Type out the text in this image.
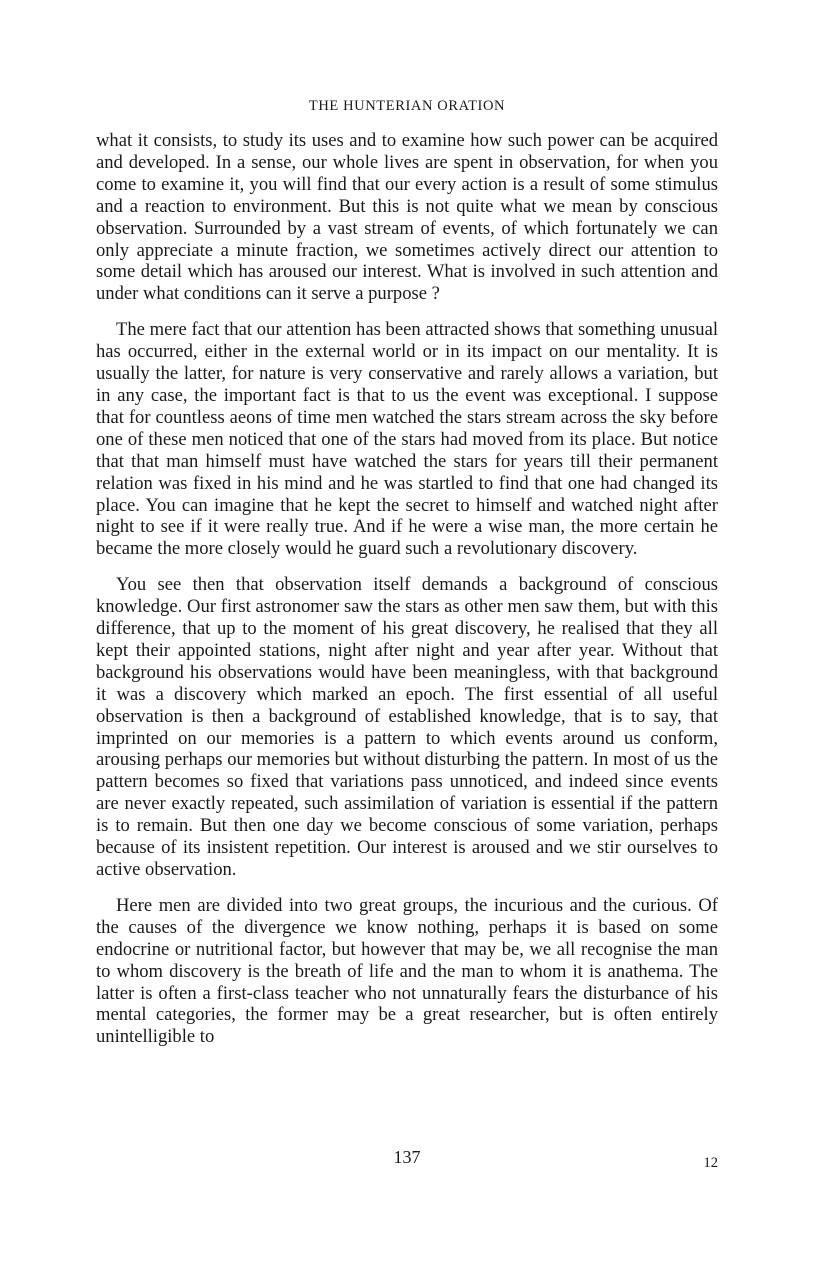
THE HUNTERIAN ORATION

what it consists, to study its uses and to examine how such power can be acquired and developed. In a sense, our whole lives are spent in observation, for when you come to examine it, you will find that our every action is a result of some stimulus and a reaction to environment. But this is not quite what we mean by conscious observation. Surrounded by a vast stream of events, of which fortunately we can only appreciate a minute fraction, we sometimes actively direct our attention to some detail which has aroused our interest. What is involved in such attention and under what conditions can it serve a purpose ?

The mere fact that our attention has been attracted shows that something unusual has occurred, either in the external world or in its impact on our mentality. It is usually the latter, for nature is very conservative and rarely allows a variation, but in any case, the important fact is that to us the event was exceptional. I suppose that for countless aeons of time men watched the stars stream across the sky before one of these men noticed that one of the stars had moved from its place. But notice that that man himself must have watched the stars for years till their permanent relation was fixed in his mind and he was startled to find that one had changed its place. You can imagine that he kept the secret to himself and watched night after night to see if it were really true. And if he were a wise man, the more certain he became the more closely would he guard such a revolutionary discovery.

You see then that observation itself demands a background of conscious knowledge. Our first astronomer saw the stars as other men saw them, but with this difference, that up to the moment of his great discovery, he realised that they all kept their appointed stations, night after night and year after year. Without that background his observations would have been meaningless, with that background it was a discovery which marked an epoch. The first essential of all useful observation is then a background of established knowledge, that is to say, that imprinted on our memories is a pattern to which events around us conform, arousing perhaps our memories but without disturbing the pattern. In most of us the pattern becomes so fixed that variations pass unnoticed, and indeed since events are never exactly repeated, such assimilation of variation is essential if the pattern is to remain. But then one day we become conscious of some variation, perhaps because of its insistent repetition. Our interest is aroused and we stir ourselves to active observation.

Here men are divided into two great groups, the incurious and the curious. Of the causes of the divergence we know nothing, perhaps it is based on some endocrine or nutritional factor, but however that may be, we all recognise the man to whom discovery is the breath of life and the man to whom it is anathema. The latter is often a first-class teacher who not unnaturally fears the disturbance of his mental categories, the former may be a great researcher, but is often entirely unintelligible to

137	12
